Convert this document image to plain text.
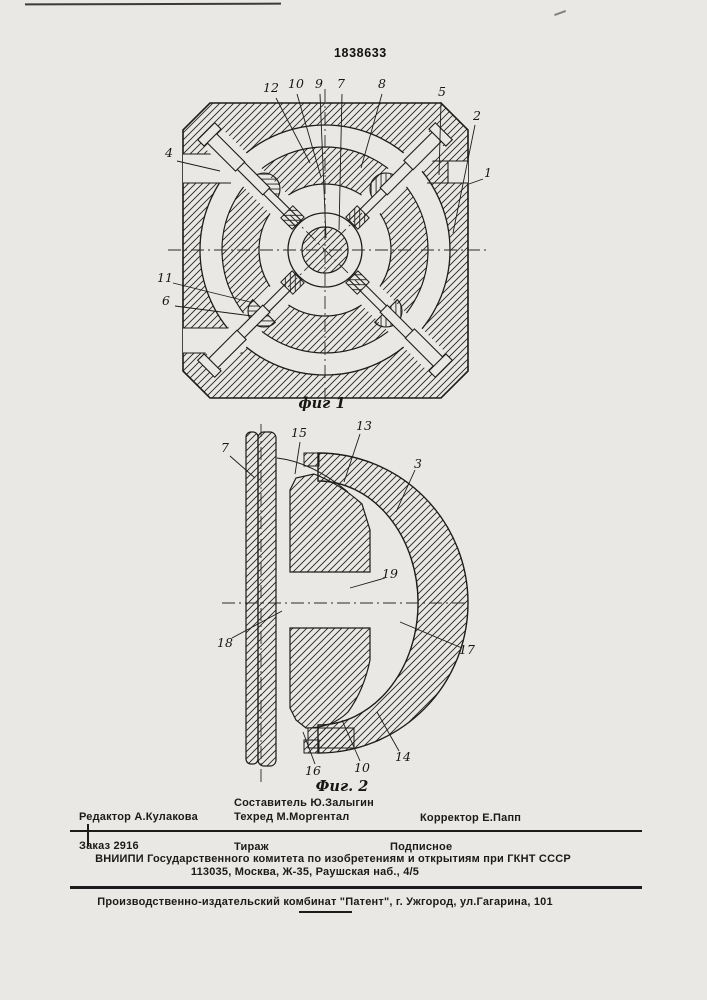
1838633
12 10 9 7	8
5
2
1
4
11
6
фиг 1
7
15	13
3
19
18	17
16	10
14
Фиг. 2
Составитель Ю.Залыгин
Редактор А.Кулакова	Техред М.Моргентал	Корректор Е.Папп
Заказ 2916	Тираж	Подписное
ВНИИПИ Государственного комитета по изобретениям и открытиям при ГКНТ СССР
113035, Москва, Ж-35, Раушская наб., 4/5
Производственно-издательский комбинат "Патент", г. Ужгород, ул.Гагарина, 101
